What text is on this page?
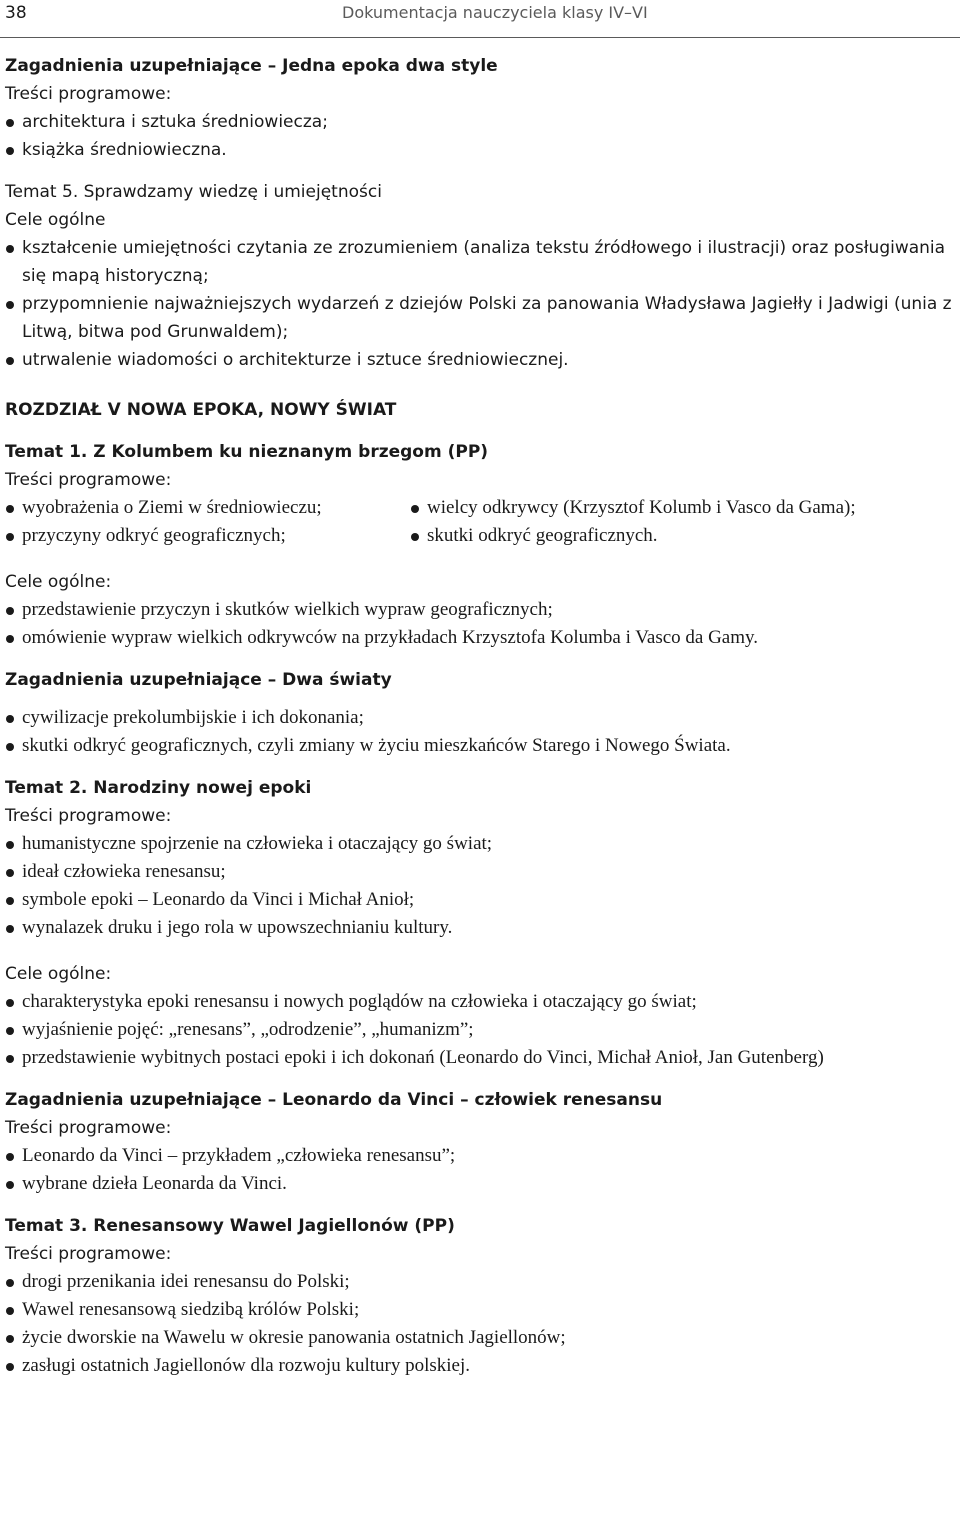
38	Dokumentacja nauczyciela klasy IV–VI
Zagadnienia uzupełniające – Jedna epoka dwa style
Treści programowe:
architektura i sztuka średniowiecza;
książka średniowieczna.
Temat 5. Sprawdzamy wiedzę i umiejętności
Cele ogólne
kształcenie umiejętności czytania ze zrozumieniem (analiza tekstu źródłowego i ilustracji) oraz posługiwania się mapą historyczną;
przypomnienie najważniejszych wydarzeń z dziejów Polski za panowania Władysława Jagiełły i Jadwigi (unia z Litwą, bitwa pod Grunwaldem);
utrwalenie wiadomości o architekturze i sztuce średniowiecznej.
ROZDZIAŁ V NOWA EPOKA, NOWY ŚWIAT
Temat 1. Z Kolumbem ku nieznanym brzegom (PP)
Treści programowe:
wyobrażenia o Ziemi w średniowieczu;
przyczyny odkryć geograficznych;
wielcy odkrywcy (Krzysztof Kolumb i Vasco da Gama);
skutki odkryć geograficznych.
Cele ogólne:
przedstawienie przyczyn i skutków wielkich wypraw geograficznych;
omówienie wypraw wielkich odkrywców na przykładach Krzysztofa Kolumba i Vasco da Gamy.
Zagadnienia uzupełniające – Dwa światy
cywilizacje prekolumbijskie i ich dokonania;
skutki odkryć geograficznych, czyli zmiany w życiu mieszkańców Starego i Nowego Świata.
Temat 2. Narodziny nowej epoki
Treści programowe:
humanistyczne spojrzenie na człowieka i otaczający go świat;
ideał człowieka renesansu;
symbole epoki – Leonardo da Vinci i Michał Anioł;
wynalazek druku i jego rola w upowszechnianiu kultury.
Cele ogólne:
charakterystyka epoki renesansu i nowych poglądów na człowieka i otaczający go świat;
wyjaśnienie pojęć: „renesans”, „odrodzenie”, „humanizm”;
przedstawienie wybitnych postaci epoki i ich dokonań (Leonardo do Vinci, Michał Anioł, Jan Gutenberg)
Zagadnienia uzupełniające – Leonardo da Vinci – człowiek renesansu
Treści programowe:
Leonardo da Vinci – przykładem „człowieka renesansu”;
wybrane dzieła Leonarda da Vinci.
Temat 3. Renesansowy Wawel Jagiellonów (PP)
Treści programowe:
drogi przenikania idei renesansu do Polski;
Wawel renesansową siedzibą królów Polski;
życie dworskie na Wawelu w okresie panowania ostatnich Jagiellonów;
zasługi ostatnich Jagiellonów dla rozwoju kultury polskiej.
